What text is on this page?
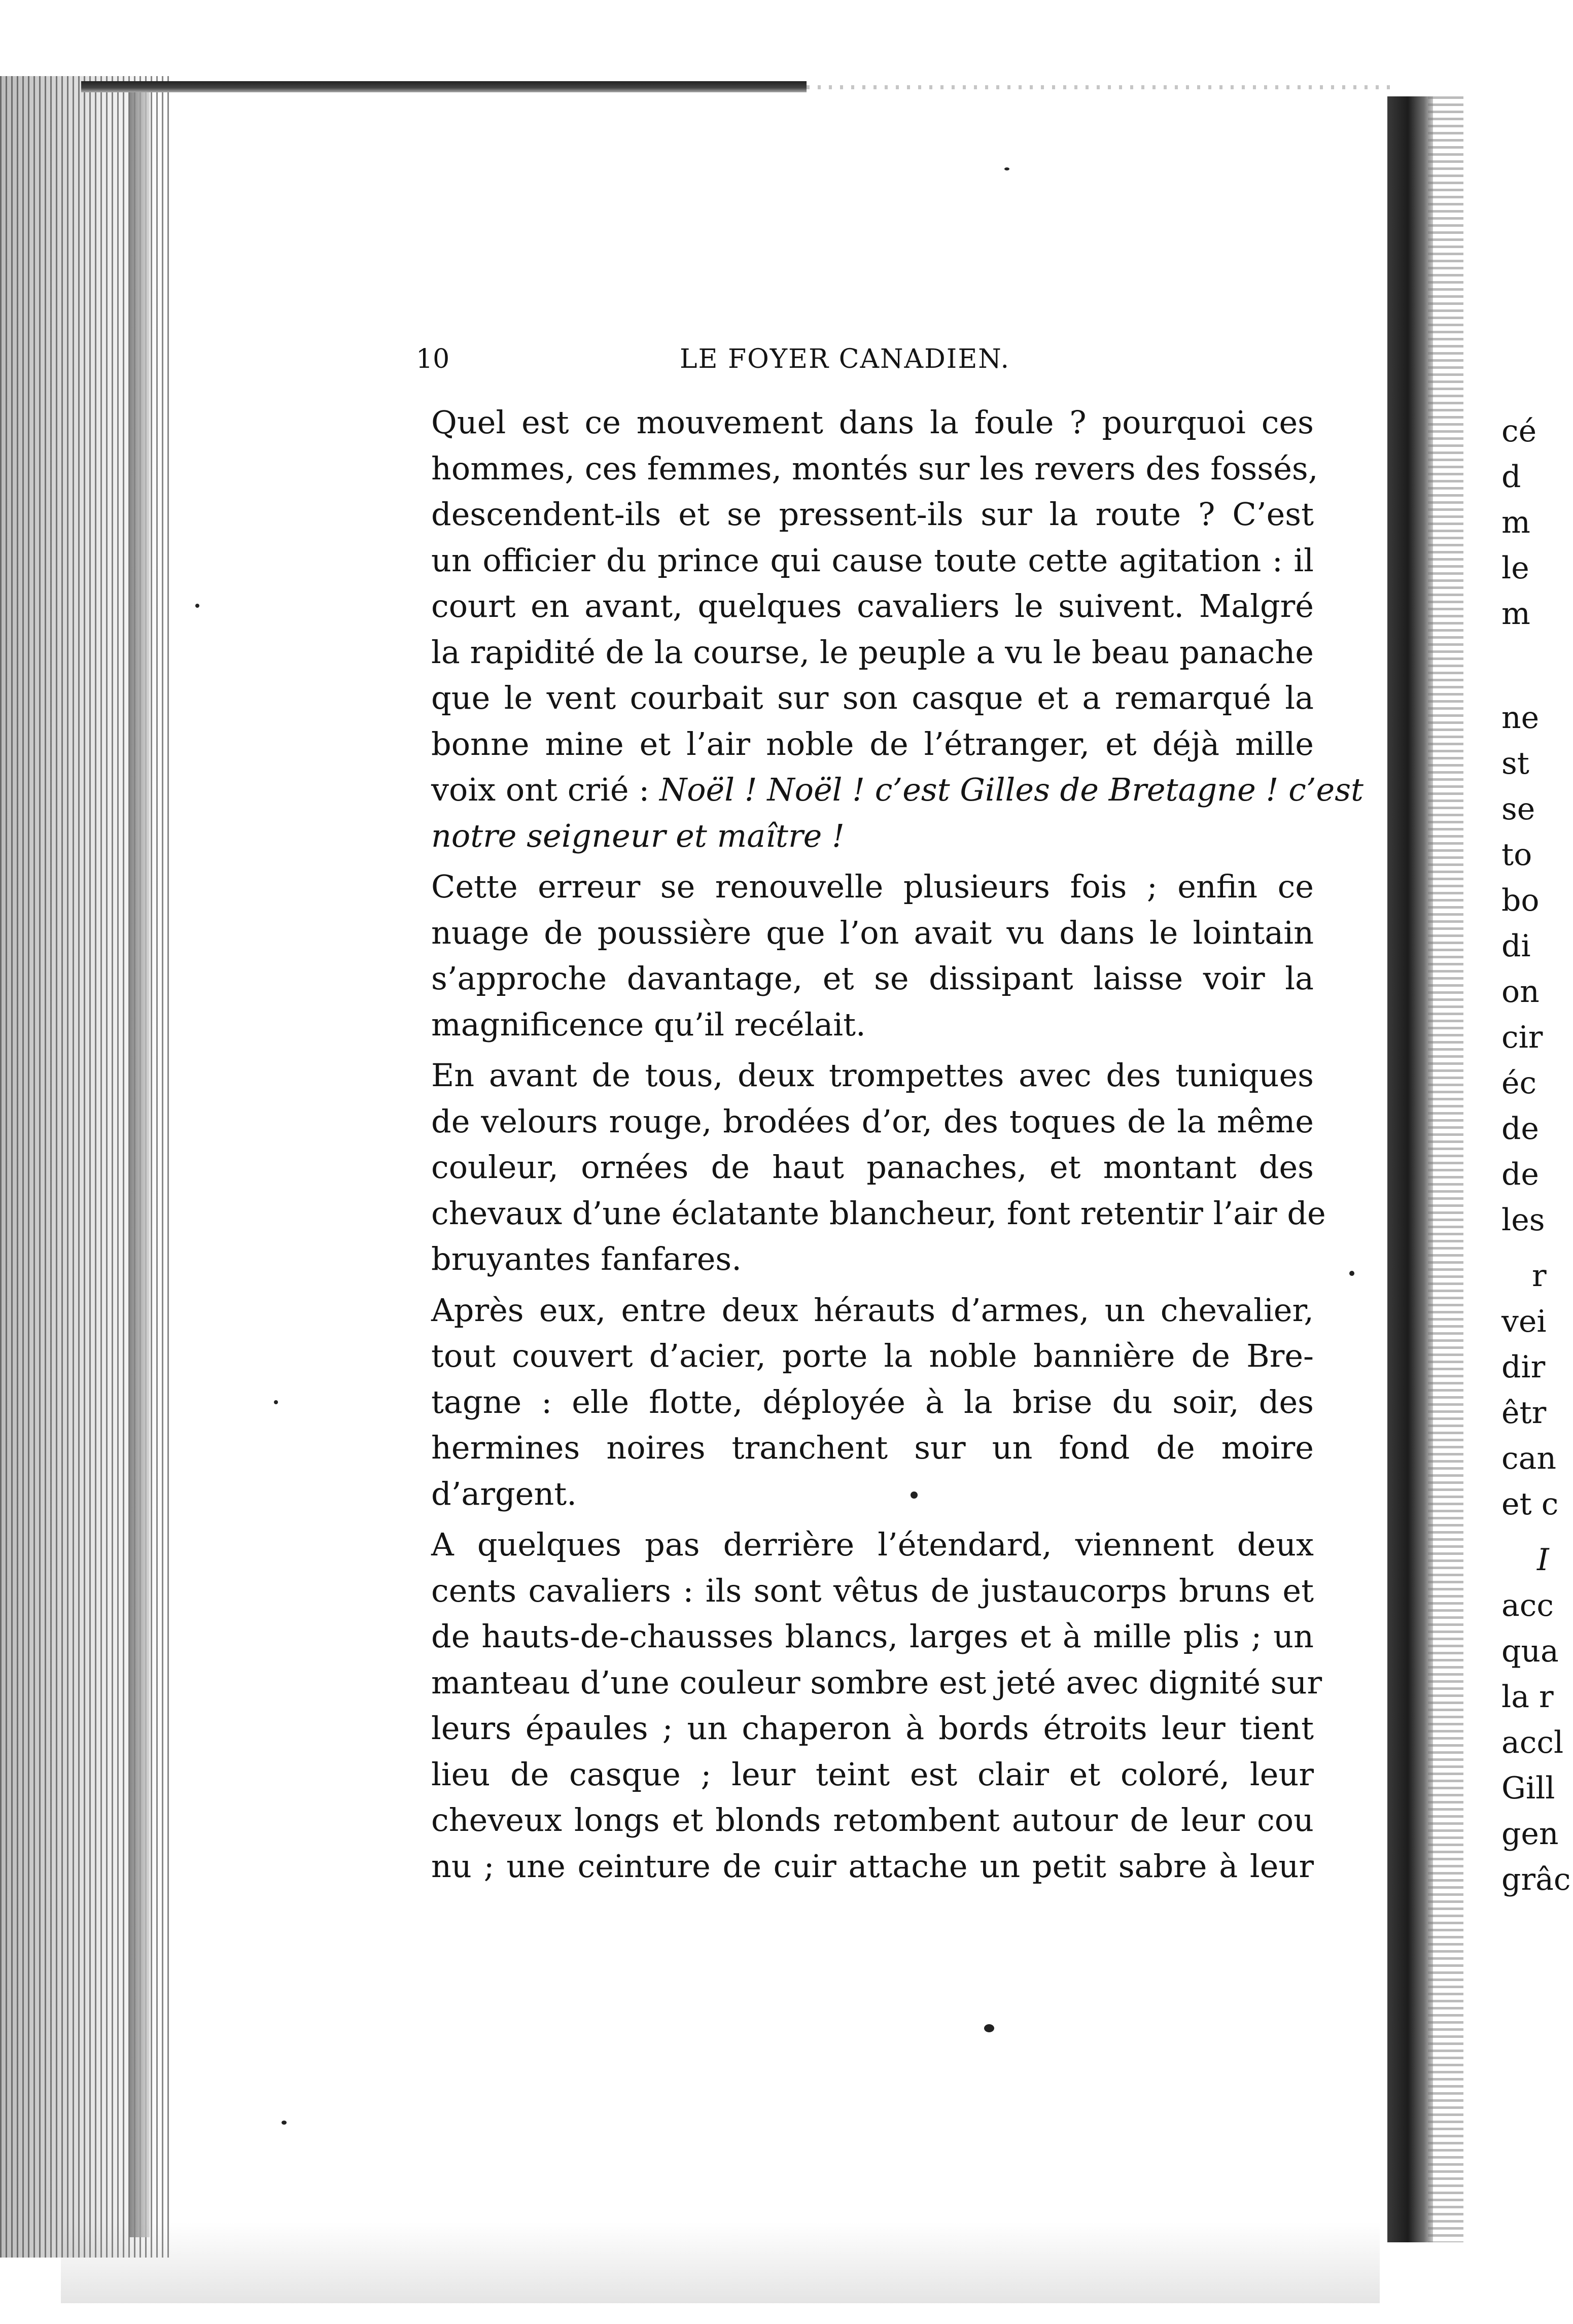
10	LE FOYER CANADIEN.
Quel est ce mouvement dans la foule ? pourquoi ces
hommes, ces femmes, montés sur les revers des fossés,
descendent-ils et se pressent-ils sur la route ? C’est
un officier du prince qui cause toute cette agitation : il
court en avant, quelques cavaliers le suivent. Malgré
la rapidité de la course, le peuple a vu le beau panache
que le vent courbait sur son casque et a remarqué la
bonne mine et l’air noble de l’étranger, et déjà mille
voix ont crié : Noël ! Noël ! c’est Gilles de Bretagne ! c’est
notre seigneur et maître !
Cette erreur se renouvelle plusieurs fois ; enfin ce
nuage de poussière que l’on avait vu dans le lointain
s’approche davantage, et se dissipant laisse voir la
magnificence qu’il recélait.
En avant de tous, deux trompettes avec des tuniques
de velours rouge, brodées d’or, des toques de la même
couleur, ornées de haut panaches, et montant des
chevaux d’une éclatante blancheur, font retentir l’air de
bruyantes fanfares.
Après eux, entre deux hérauts d’armes, un chevalier,
tout couvert d’acier, porte la noble bannière de Bre-
tagne : elle flotte, déployée à la brise du soir, des
hermines noires tranchent sur un fond de moire
d’argent.
A quelques pas derrière l’étendard, viennent deux
cents cavaliers : ils sont vêtus de justaucorps bruns et
de hauts-de-chausses blancs, larges et à mille plis ; un
manteau d’une couleur sombre est jeté avec dignité sur
leurs épaules ; un chaperon à bords étroits leur tient
lieu de casque ; leur teint est clair et coloré, leur
cheveux longs et blonds retombent autour de leur cou
nu ; une ceinture de cuir attache un petit sabre à leur
cé
d
m
le
m
ne
st
se
to
bo
di
on
cir
éc
de
de
les
r
vei
dir
êtr
can
et c
I
acc
qua
la r
accl
Gill
gen
grâc
